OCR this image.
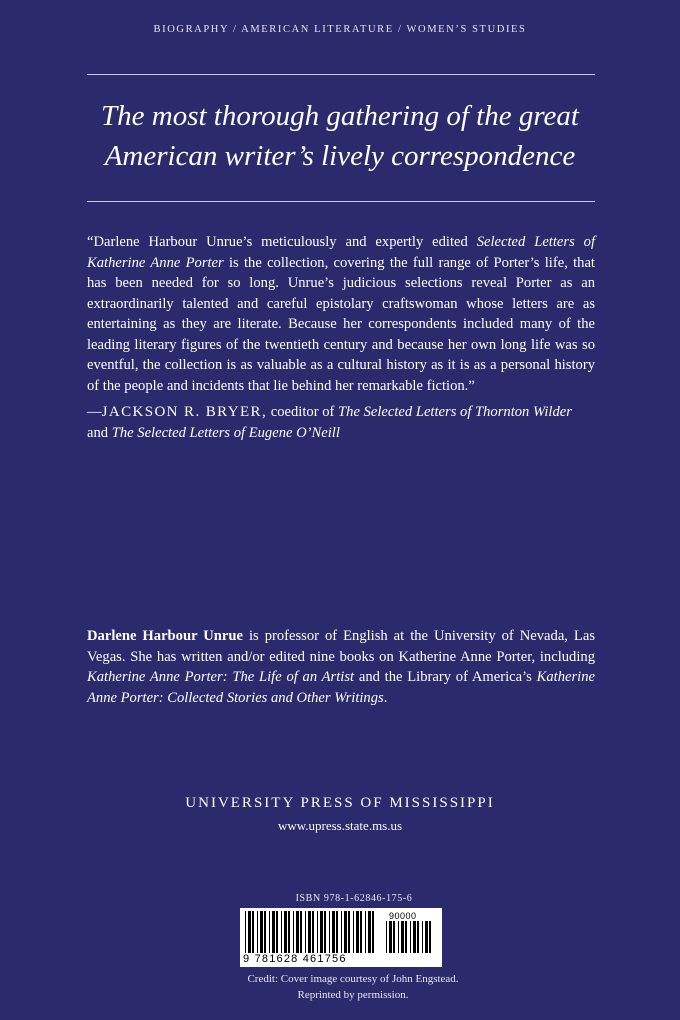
BIOGRAPHY / AMERICAN LITERATURE / WOMEN’S STUDIES
The most thorough gathering of the great
American writer’s lively correspondence
“Darlene Harbour Unrue’s meticulously and expertly edited Selected Letters of Katherine Anne Porter is the collection, covering the full range of Porter’s life, that has been needed for so long. Unrue’s judicious selections reveal Porter as an extraordinarily talented and careful epistolary craftswoman whose letters are as entertaining as they are literate. Because her correspondents included many of the leading literary figures of the twentieth century and because her own long life was so eventful, the collection is as valuable as a cultural history as it is as a personal history of the people and incidents that lie behind her remarkable fiction.”
—JACKSON R. BRYER, coeditor of The Selected Letters of Thornton Wilder and The Selected Letters of Eugene O’Neill
Darlene Harbour Unrue is professor of English at the University of Nevada, Las Vegas. She has written and/or edited nine books on Katherine Anne Porter, including Katherine Anne Porter: The Life of an Artist and the Library of America’s Katherine Anne Porter: Collected Stories and Other Writings.
UNIVERSITY PRESS OF MISSISSIPPI
www.upress.state.ms.us
ISBN 978-1-62846-175-6
9 781628 461756
90000
Credit: Cover image courtesy of John Engstead.
Reprinted by permission.
